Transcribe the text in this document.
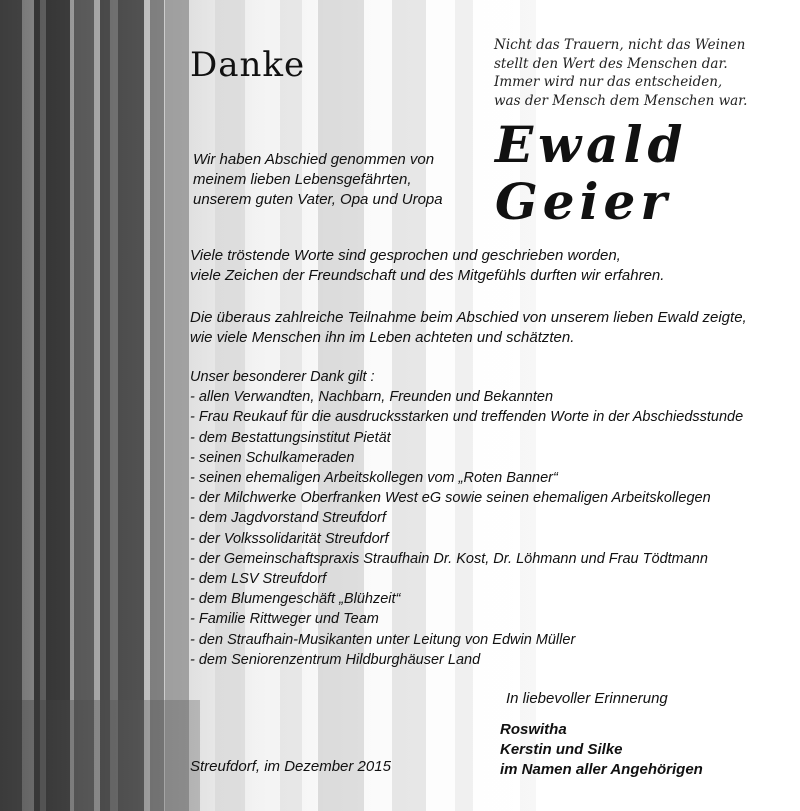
Danke	Nicht das Trauern, nicht das Weinen
stellt den Wert des Menschen dar.
Immer wird nur das entscheiden,
was der Mensch dem Menschen war.
Ewald
Geier
Wir haben Abschied genommen von
meinem lieben Lebensgefährten,
unserem guten Vater, Opa und Uropa
Viele tröstende Worte sind gesprochen und geschrieben worden,
viele Zeichen der Freundschaft und des Mitgefühls durften wir erfahren.
Die überaus zahlreiche Teilnahme beim Abschied von unserem lieben Ewald zeigte,
wie viele Menschen ihn im Leben achteten und schätzten.
Unser besonderer Dank gilt :
- allen Verwandten, Nachbarn, Freunden und Bekannten
- Frau Reukauf für die ausdrucksstarken und treffenden Worte in der Abschiedsstunde
- dem Bestattungsinstitut Pietät
- seinen Schulkameraden
- seinen ehemaligen Arbeitskollegen vom „Roten Banner“
- der Milchwerke Oberfranken West eG sowie seinen ehemaligen Arbeitskollegen
- dem Jagdvorstand Streufdorf
- der Volkssolidarität Streufdorf
- der Gemeinschaftspraxis Straufhain Dr. Kost, Dr. Löhmann und Frau Tödtmann
- dem LSV Streufdorf
- dem Blumengeschäft „Blühzeit“
- Familie Rittweger und Team
- den Straufhain-Musikanten unter Leitung von Edwin Müller
- dem Seniorenzentrum Hildburghäuser Land
In liebevoller Erinnerung
Roswitha
Kerstin und Silke
im Namen aller Angehörigen
Streufdorf, im Dezember 2015
